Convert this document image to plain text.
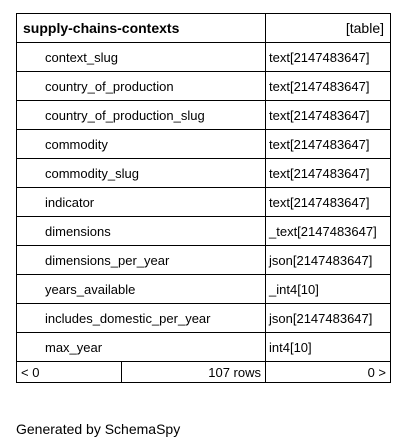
supply-chains-contexts		[table]
context_slug		text[2147483647]
country_of_production		text[2147483647]
country_of_production_slug		text[2147483647]
commodity		text[2147483647]
commodity_slug		text[2147483647]
indicator		text[2147483647]
dimensions		_text[2147483647]
dimensions_per_year		json[2147483647]
years_available		_int4[10]
includes_domestic_per_year		json[2147483647]
max_year		int4[10]
< 0	107 rows	0 >
Generated by SchemaSpy
